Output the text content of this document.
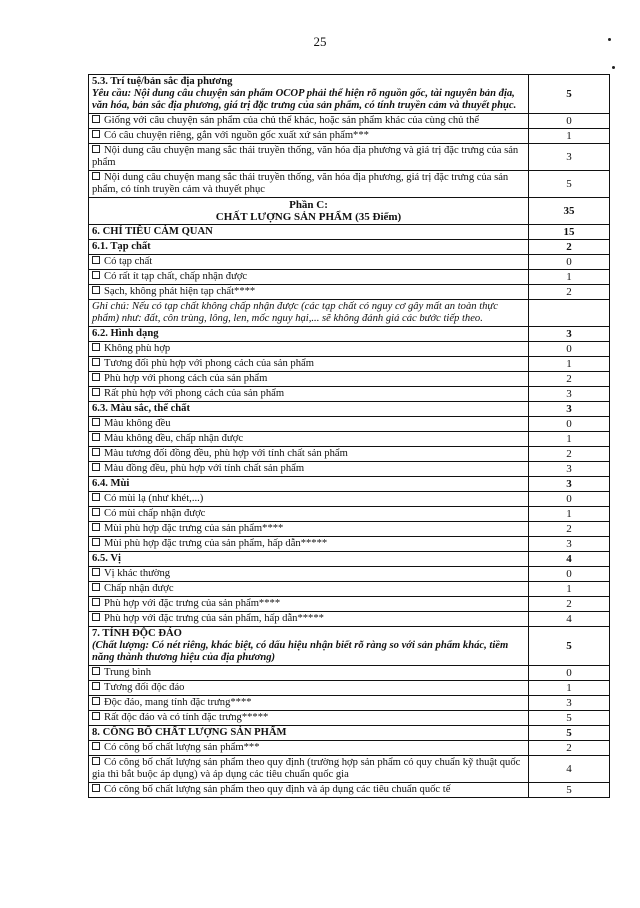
25
5.3. Trí tuệ/bản sắc địa phương
Yêu cầu: Nội dung câu chuyện sản phẩm OCOP phải thể hiện rõ nguồn gốc, tài nguyên bản địa, văn hóa, bản sắc địa phương, giá trị đặc trưng của sản phẩm, có tính truyền cảm và thuyết phục.	5
Giống với câu chuyện sản phẩm của chủ thể khác, hoặc sản phẩm khác của cùng chủ thể	0
Có câu chuyện riêng, gắn với nguồn gốc xuất xứ sản phẩm***	1
Nội dung câu chuyện mang sắc thái truyền thống, văn hóa địa phương và giá trị đặc trưng của sản phẩm	3
Nội dung câu chuyện mang sắc thái truyền thống, văn hóa địa phương, giá trị đặc trưng của sản phẩm, có tính truyền cảm và thuyết phục	5

Phần C:
CHẤT LƯỢNG SẢN PHẨM (35 Điểm)	35

6. CHỈ TIÊU CẢM QUAN	15

6.1. Tạp chất	2
Có tạp chất	0
Có rất ít tạp chất, chấp nhận được	1
Sạch, không phát hiện tạp chất****	2

Ghi chú: Nếu có tạp chất không chấp nhận được (các tạp chất có nguy cơ gây mất an toàn thực phẩm) như: đất, côn trùng, lông, len, mốc nguy hại,... sẽ không đánh giá các bước tiếp theo.	

6.2. Hình dạng	3
Không phù hợp	0
Tương đối phù hợp với phong cách của sản phẩm	1
Phù hợp với phong cách của sản phẩm	2
Rất phù hợp với phong cách của sản phẩm	3

6.3. Màu sắc, thể chất	3
Màu không đều	0
Màu không đều, chấp nhận được	1
Màu tương đối đồng đều, phù hợp với tính chất sản phẩm	2
Màu đồng đều, phù hợp với tính chất sản phẩm	3

6.4. Mùi	3
Có mùi lạ (như khét,...)	0
Có mùi chấp nhận được	1
Mùi phù hợp đặc trưng của sản phẩm****	2
Mùi phù hợp đặc trưng của sản phẩm, hấp dẫn*****	3

6.5. Vị	4
Vị khác thường	0
Chấp nhận được	1
Phù hợp với đặc trưng của sản phẩm****	2
Phù hợp với đặc trưng của sản phẩm, hấp dẫn*****	4

7. TÍNH ĐỘC ĐÁO
(Chất lượng: Có nét riêng, khác biệt, có dấu hiệu nhận biết rõ ràng so với sản phẩm khác, tiềm năng thành thương hiệu của địa phương)	5
Trung bình	0
Tương đối độc đáo	1
Độc đáo, mang tính đặc trưng****	3
Rất độc đáo và có tính đặc trưng*****	5

8. CÔNG BỐ CHẤT LƯỢNG SẢN PHẨM	5
Có công bố chất lượng sản phẩm***	2
Có công bố chất lượng sản phẩm theo quy định (trường hợp sản phẩm có quy chuẩn kỹ thuật quốc gia thì bắt buộc áp dụng) và áp dụng các tiêu chuẩn quốc gia	4
Có công bố chất lượng sản phẩm theo quy định và áp dụng các tiêu chuẩn quốc tế	5
